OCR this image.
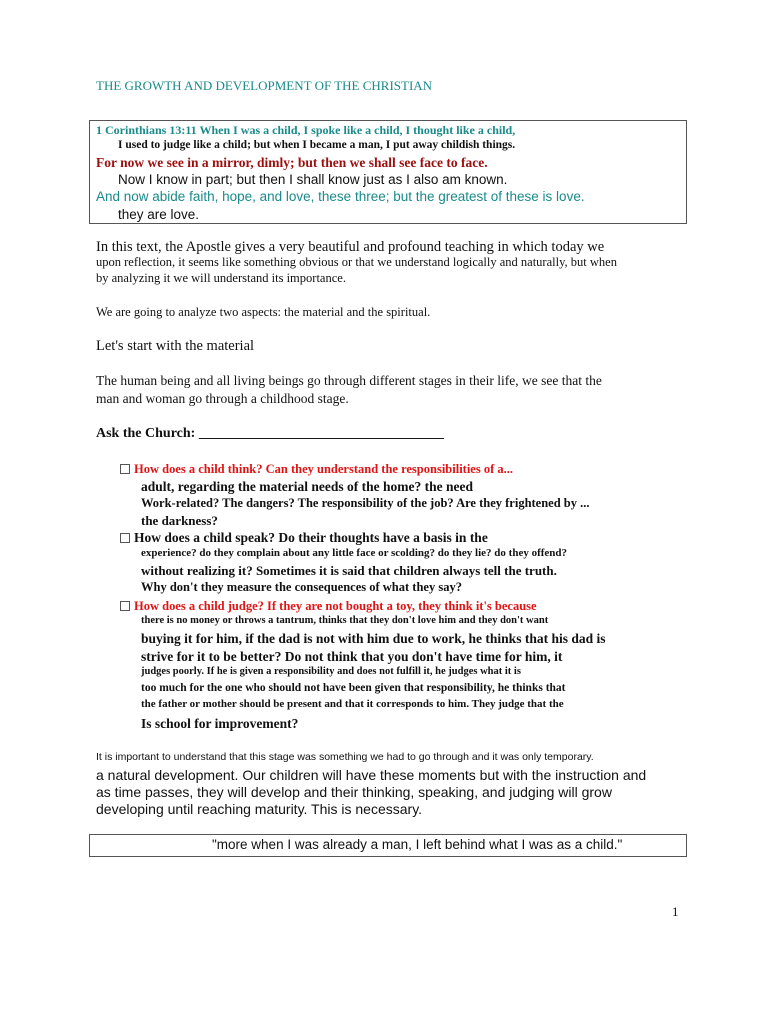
THE GROWTH AND DEVELOPMENT OF THE CHRISTIAN
1 Corinthians 13:11 When I was a child, I spoke like a child, I thought like a child,
I used to judge like a child; but when I became a man, I put away childish things.
For now we see in a mirror, dimly; but then we shall see face to face.
Now I know in part; but then I shall know just as I also am known.
And now abide faith, hope, and love, these three; but the greatest of these is love.
they are love.
In this text, the Apostle gives a very beautiful and profound teaching in which today we
upon reflection, it seems like something obvious or that we understand logically and naturally, but when
by analyzing it we will understand its importance.
We are going to analyze two aspects: the material and the spiritual.
Let's start with the material
The human being and all living beings go through different stages in their life, we see that the
man and woman go through a childhood stage.
Ask the Church: ___________________________________
How does a child think? Can they understand the responsibilities of a...
adult, regarding the material needs of the home? the need
Work-related? The dangers? The responsibility of the job? Are they frightened by ...
the darkness?
How does a child speak? Do their thoughts have a basis in the
experience? do they complain about any little face or scolding? do they lie? do they offend?
without realizing it? Sometimes it is said that children always tell the truth.
Why don't they measure the consequences of what they say?
How does a child judge? If they are not bought a toy, they think it's because
there is no money or throws a tantrum, thinks that they don't love him and they don't want
buying it for him, if the dad is not with him due to work, he thinks that his dad is
strive for it to be better? Do not think that you don't have time for him, it
judges poorly. If he is given a responsibility and does not fulfill it, he judges what it is
too much for the one who should not have been given that responsibility, he thinks that
the father or mother should be present and that it corresponds to him. They judge that the
Is school for improvement?
It is important to understand that this stage was something we had to go through and it was only temporary.
a natural development. Our children will have these moments but with the instruction and
as time passes, they will develop and their thinking, speaking, and judging will grow
developing until reaching maturity. This is necessary.
"more when I was already a man, I left behind what I was as a child."
1
